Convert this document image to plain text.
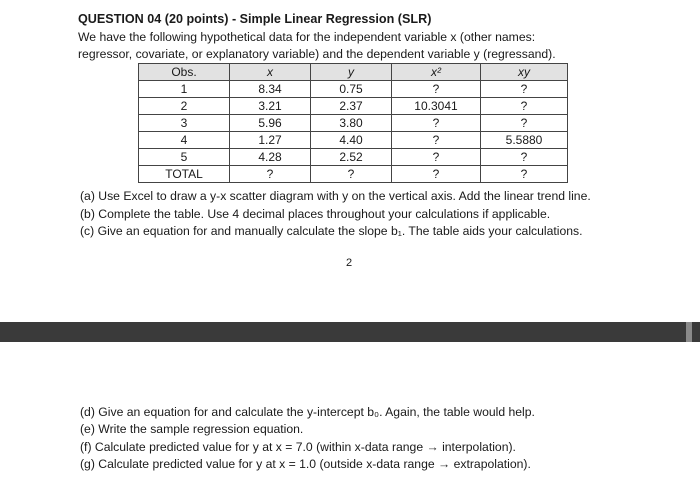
QUESTION 04 (20 points) - Simple Linear Regression (SLR)
We have the following hypothetical data for the independent variable x (other names:
regressor, covariate, or explanatory variable) and the dependent variable y (regressand).
Obs.	x	y	x²	xy
1	8.34	0.75	?	?
2	3.21	2.37	10.3041	?
3	5.96	3.80	?	?
4	1.27	4.40	?	5.5880
5	4.28	2.52	?	?
TOTAL	?	?	?	?
(a) Use Excel to draw a y-x scatter diagram with y on the vertical axis. Add the linear trend line.
(b) Complete the table. Use 4 decimal places throughout your calculations if applicable.
(c) Give an equation for and manually calculate the slope b₁. The table aids your calculations.
2
(d) Give an equation for and calculate the y-intercept b₀. Again, the table would help.
(e) Write the sample regression equation.
(f) Calculate predicted value for y at x = 7.0 (within x-data range → interpolation).
(g) Calculate predicted value for y at x = 1.0 (outside x-data range → extrapolation).
